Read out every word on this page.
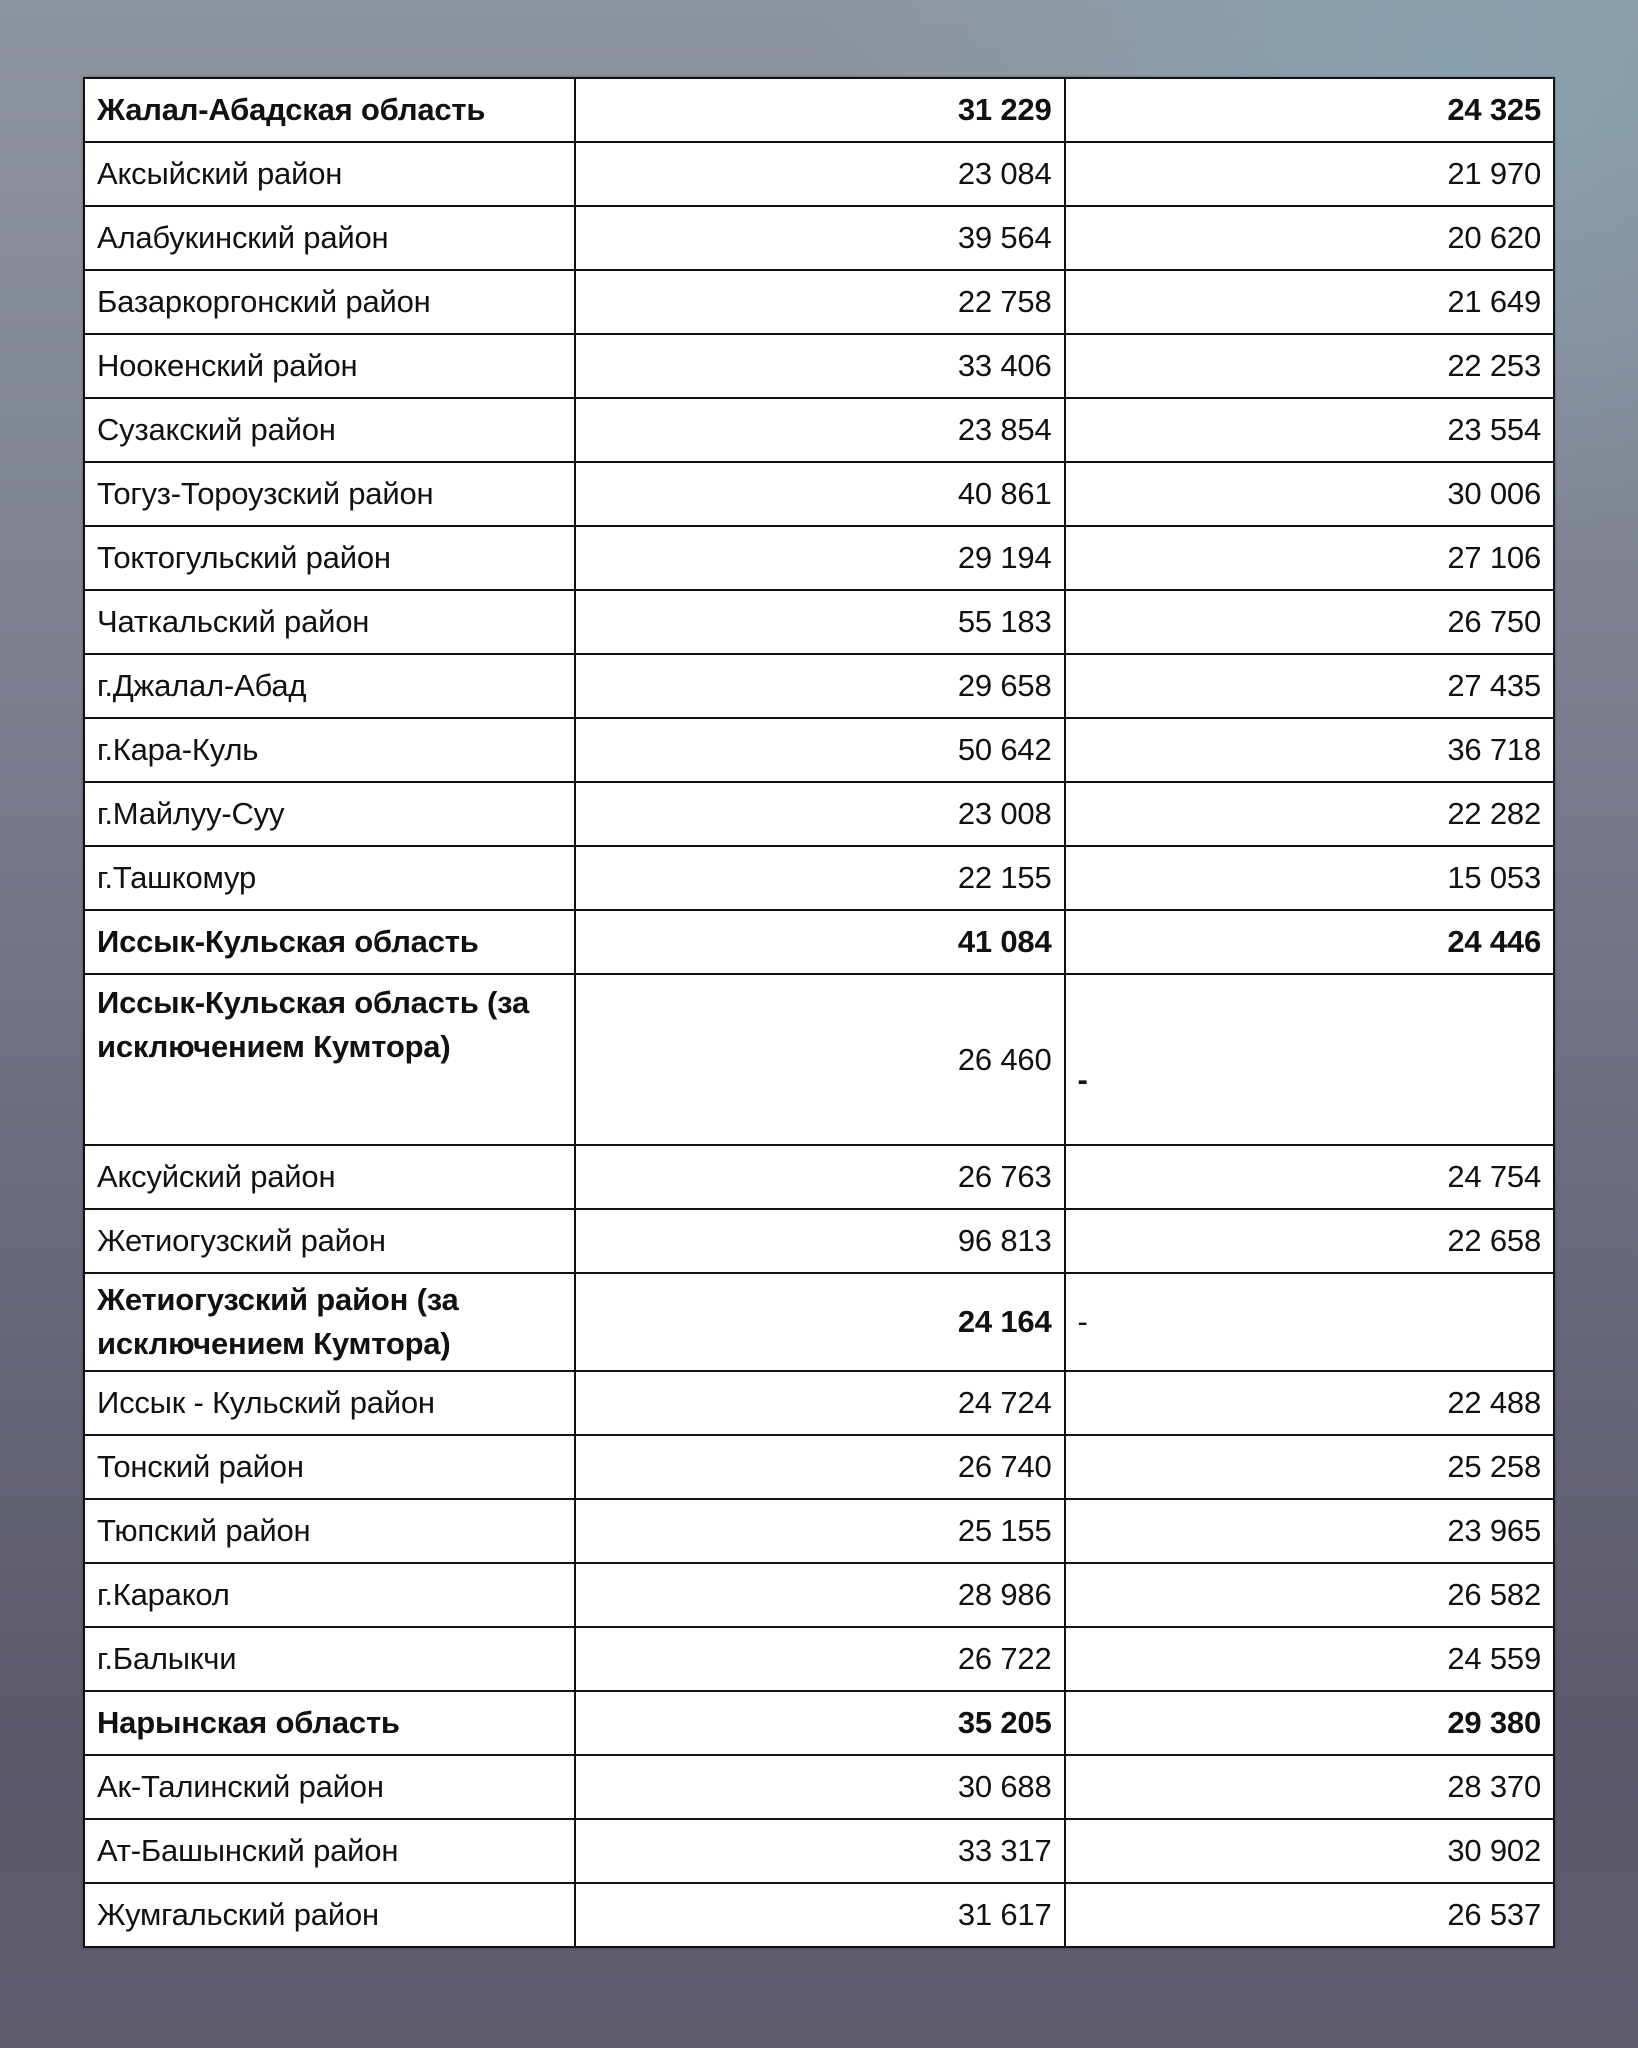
Жалал-Абадская область	31 229	24 325
Аксыйский район	23 084	21 970
Алабукинский район	39 564	20 620
Базаркоргонский район	22 758	21 649
Ноокенский район	33 406	22 253
Сузакский район	23 854	23 554
Тогуз-Тороузский район	40 861	30 006
Токтогульский район	29 194	27 106
Чаткальский район	55 183	26 750
г.Джалал-Абад	29 658	27 435
г.Кара-Куль	50 642	36 718
г.Майлуу-Суу	23 008	22 282
г.Ташкомур	22 155	15 053
Иссык-Кульская область	41 084	24 446
Иссык-Кульская область (за исключением Кумтора)	26 460	-
Аксуйский район	26 763	24 754
Жетиогузский район	96 813	22 658
Жетиогузский район (за исключением Кумтора)	24 164	-
Иссык - Кульский район	24 724	22 488
Тонский район	26 740	25 258
Тюпский район	25 155	23 965
г.Каракол	28 986	26 582
г.Балыкчи	26 722	24 559
Нарынская область	35 205	29 380
Ак-Талинский район	30 688	28 370
Ат-Башынский район	33 317	30 902
Жумгальский район	31 617	26 537
